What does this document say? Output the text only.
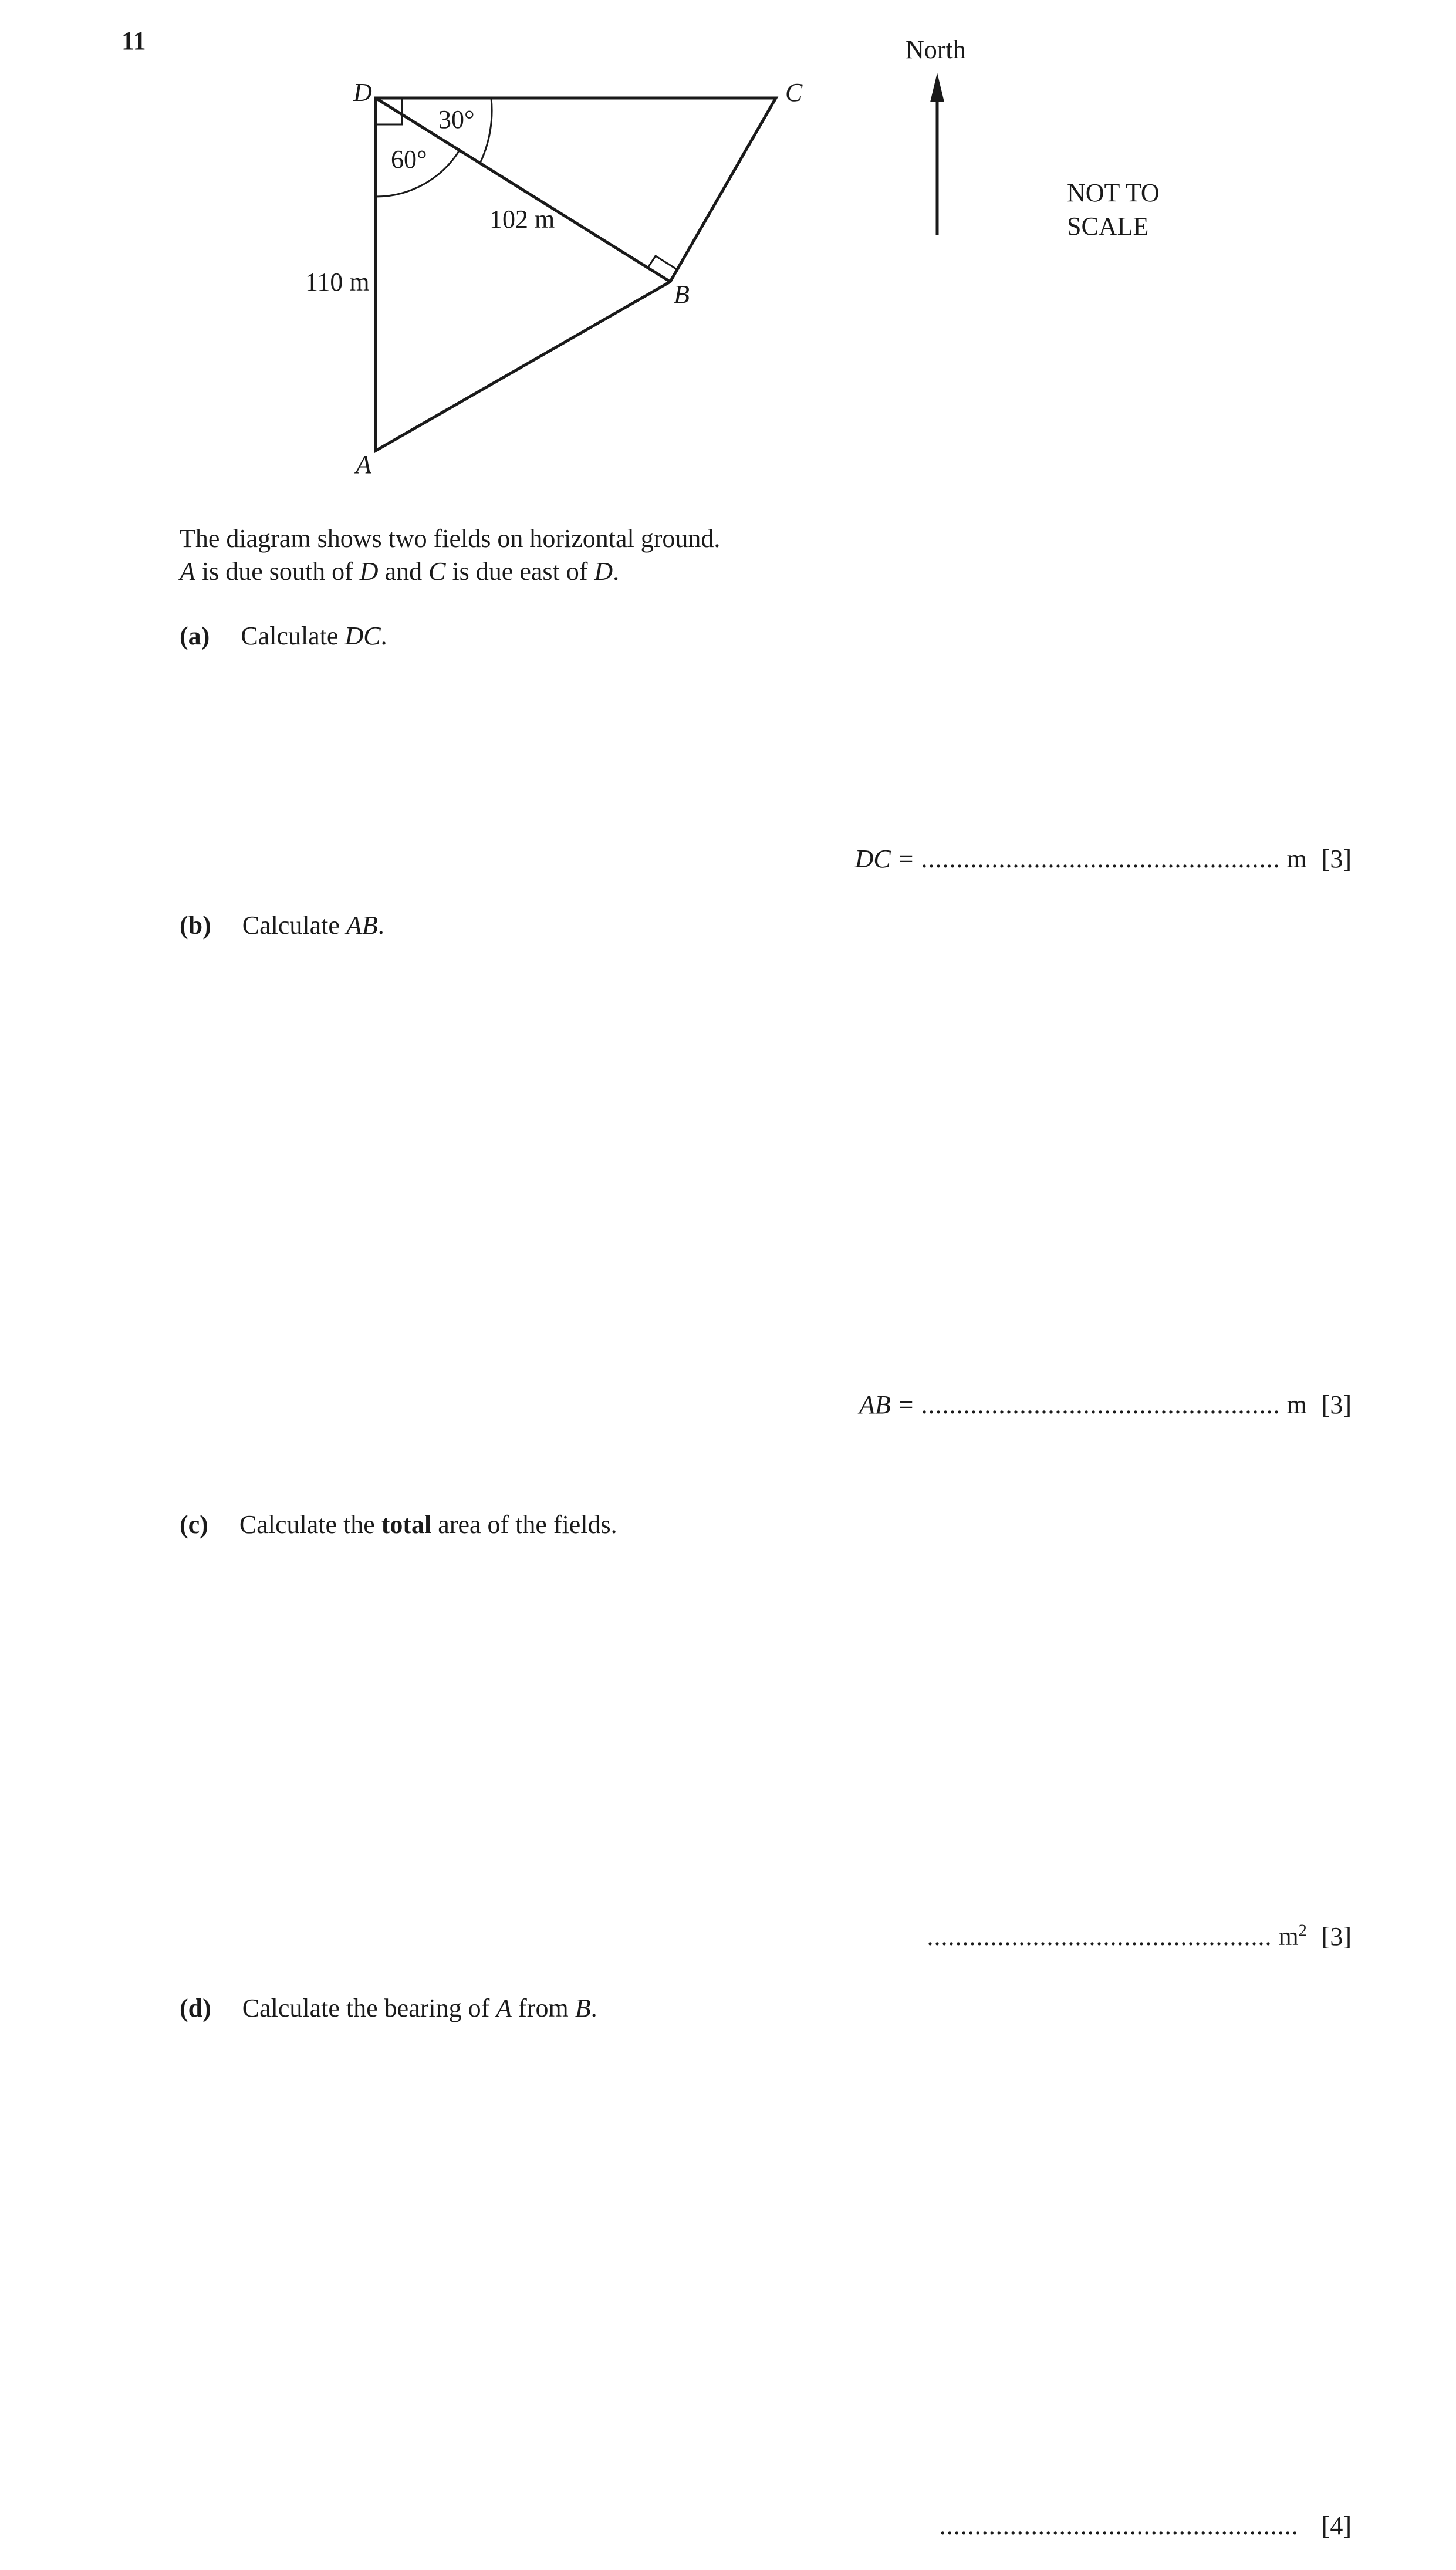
11
D	C
B
A
30°
60°
102 m
110 m
North
NOT TO
SCALE
The diagram shows two fields on horizontal ground.
A is due south of D and C is due east of D.
(a) Calculate DC.
DC = ................................................... m [3]
(b) Calculate AB.
AB = ................................................... m [3]
(c) Calculate the total area of the fields.
................................................. $m^2$ [3]
(d) Calculate the bearing of A from B.
................................................... [4]
